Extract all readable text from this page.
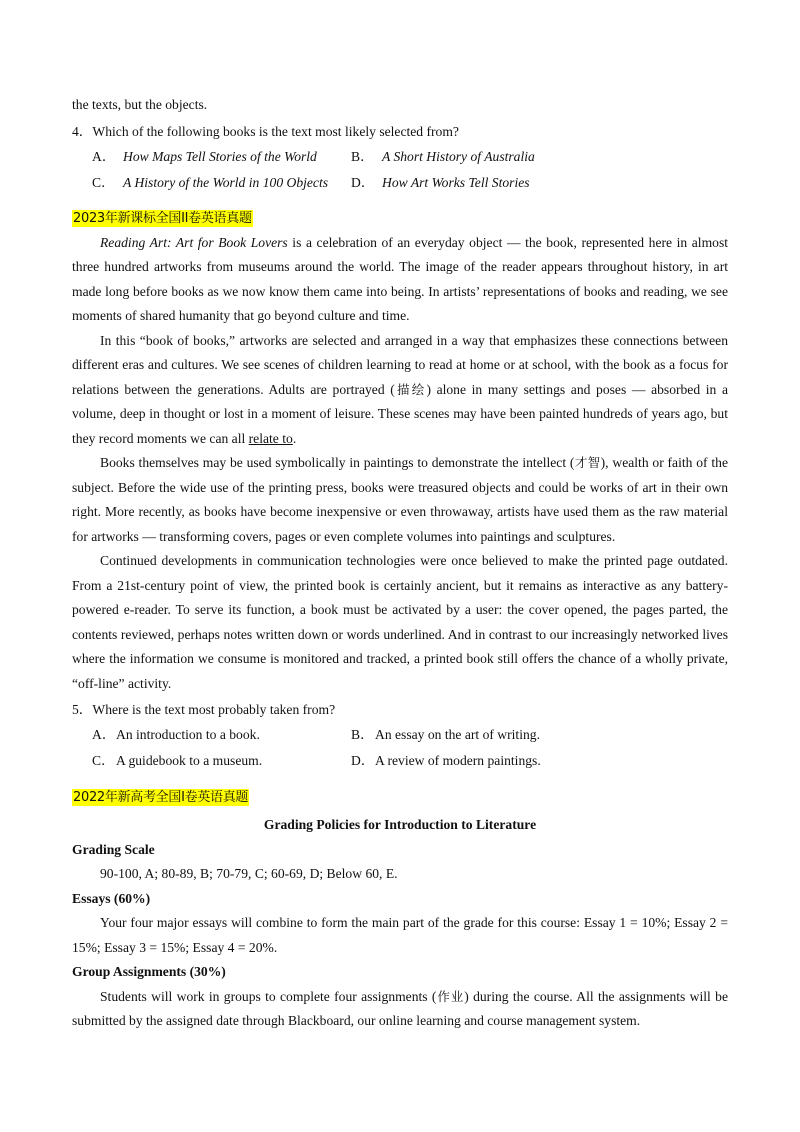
the texts, but the objects.

4．Which of the following books is the text most likely selected from?

A． How Maps Tell Stories of the World	B． A Short History of Australia
C． A History of the World in 100 Objects D． How Art Works Tell Stories
2023年新课标全国II卷英语真题

Reading Art: Art for Book Lovers is a celebration of an everyday object — the book, represented here in almost three hundred artworks from museums around the world. The image of the reader appears throughout history, in art made long before books as we now know them came into being. In artists’ representations of books and reading, we see moments of shared humanity that go beyond culture and time.

In this “book of books,” artworks are selected and arranged in a way that emphasizes these connections between different eras and cultures. We see scenes of children learning to read at home or at school, with the book as a focus for relations between the generations. Adults are portrayed (描绘) alone in many settings and poses — absorbed in a volume, deep in thought or lost in a moment of leisure. These scenes may have been painted hundreds of years ago, but they record moments we can all relate to.

Books themselves may be used symbolically in paintings to demonstrate the intellect (才智), wealth or faith of the subject. Before the wide use of the printing press, books were treasured objects and could be works of art in their own right. More recently, as books have become inexpensive or even throwaway, artists have used them as the raw material for artworks — transforming covers, pages or even complete volumes into paintings and sculptures.

Continued developments in communication technologies were once believed to make the printed page outdated. From a 21st-century point of view, the printed book is certainly ancient, but it remains as interactive as any battery-powered e-reader. To serve its function, a book must be activated by a user: the cover opened, the pages parted, the contents reviewed, perhaps notes written down or words underlined. And in contrast to our increasingly networked lives where the information we consume is monitored and tracked, a printed book still offers the chance of a wholly private, “off-line” activity.

5．Where is the text most probably taken from?

A． An introduction to a book.	B． An essay on the art of writing.
C． A guidebook to a museum.	D． A review of modern paintings.
2022年新高考全国I卷英语真题

Grading Policies for Introduction to Literature

Grading Scale

90-100, A; 80-89, B; 70-79, C; 60-69, D; Below 60, E.

Essays (60%)

Your four major essays will combine to form the main part of the grade for this course: Essay 1 = 10%; Essay 2 = 15%; Essay 3 = 15%; Essay 4 = 20%.

Group Assignments (30%)

Students will work in groups to complete four assignments (作业) during the course. All the assignments will be submitted by the assigned date through Blackboard, our online learning and course management system.
